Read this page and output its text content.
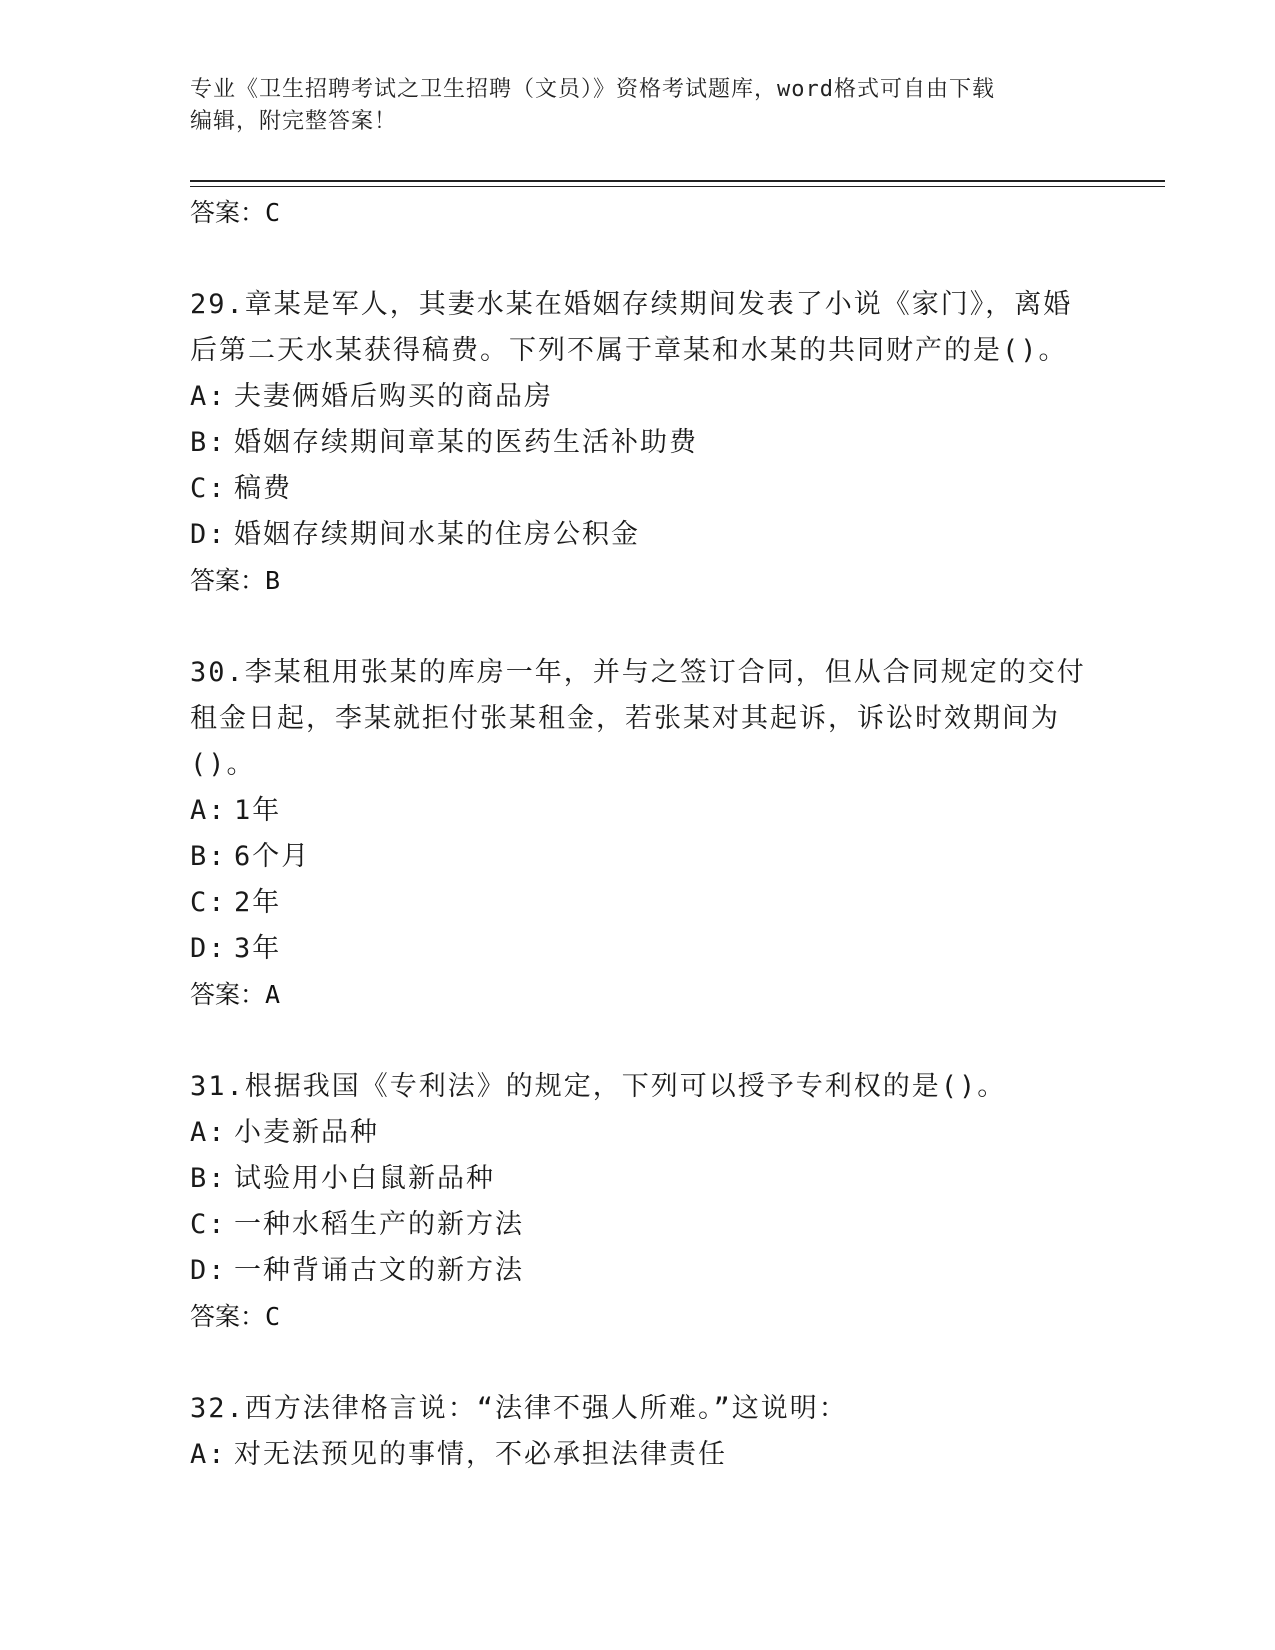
专业《卫生招聘考试之卫生招聘（文员）》资格考试题库，word格式可自由下载
编辑，附完整答案！

答案：C

29.章某是军人，其妻水某在婚姻存续期间发表了小说《家门》，离婚

后第二天水某获得稿费。下列不属于章某和水某的共同财产的是()。

A: 夫妻俩婚后购买的商品房
B: 婚姻存续期间章某的医药生活补助费
C: 稿费
D: 婚姻存续期间水某的住房公积金

答案：B

30.李某租用张某的库房一年，并与之签订合同，但从合同规定的交付

租金日起，李某就拒付张某租金，若张某对其起诉，诉讼时效期间为

()。

A: 1年
B: 6个月
C: 2年
D: 3年

答案：A

31.根据我国《专利法》的规定，下列可以授予专利权的是()。

A: 小麦新品种
B: 试验用小白鼠新品种
C: 一种水稻生产的新方法
D: 一种背诵古文的新方法

答案：C

32.西方法律格言说：“法律不强人所难。”这说明：

A: 对无法预见的事情，不必承担法律责任
